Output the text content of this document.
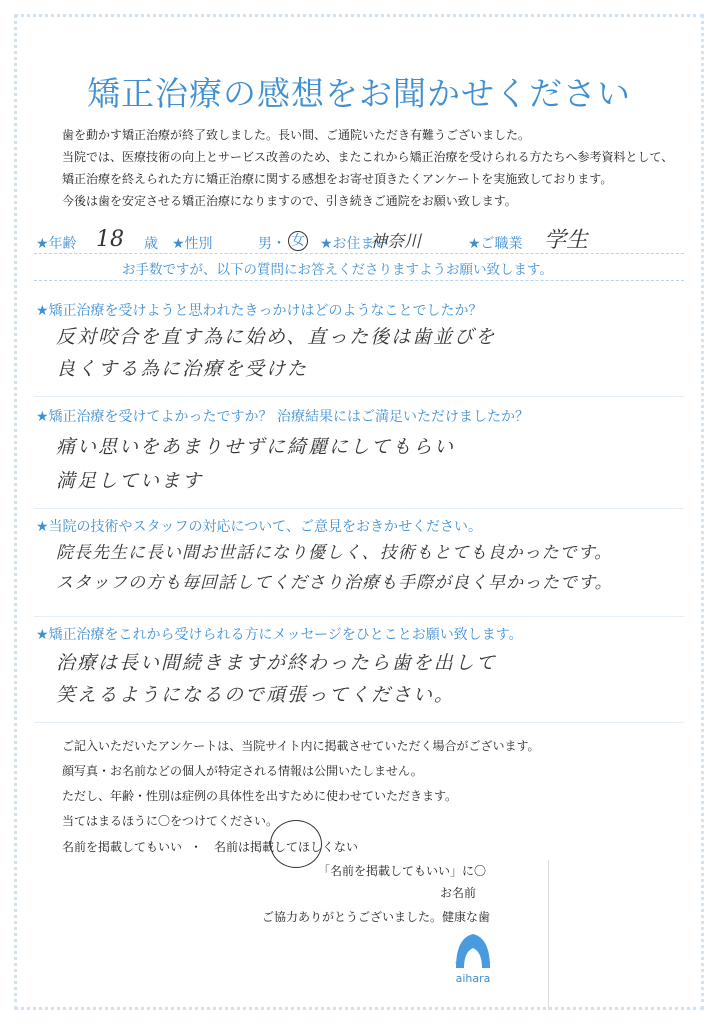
矯正治療の感想をお聞かせください
歯を動かす矯正治療が終了致しました。長い間、ご通院いただき有難うございました。
当院では、医療技術の向上とサービス改善のため、またこれから矯正治療を受けられる方たちへ参考資料として、
矯正治療を終えられた方に矯正治療に関する感想をお寄せ頂きたくアンケートを実施致しております。
今後は歯を安定させる矯正治療になりますので、引き続きご通院をお願い致します。
★年齢 18 歳 ★性別	男・ 女 ★お住まい
神奈川	★ご職業 学生
お手数ですが、以下の質問にお答えくださりますようお願い致します。
★矯正治療を受けようと思われたきっかけはどのようなことでしたか？
反対咬合を直す為に始め、直った後は歯並びを
良くする為に治療を受けた
★矯正治療を受けてよかったですか？ 治療結果にはご満足いただけましたか？
痛い思いをあまりせずに綺麗にしてもらい
満足しています
★当院の技術やスタッフの対応について、ご意見をおきかせください。
院長先生に長い間お世話になり優しく、技術もとても良かったです。
スタッフの方も毎回話してくださり治療も手際が良く早かったです。
★矯正治療をこれから受けられる方にメッセージをひとことお願い致します。
治療は長い間続きますが終わったら歯を出して
笑えるようになるので頑張ってください。
ご記入いただいたアンケートは、当院サイト内に掲載させていただく場合がございます。
顔写真・お名前などの個人が特定される情報は公開いたしません。
ただし、年齢・性別は症例の具体性を出すために使わせていただきます。
当てはまるほうに〇をつけてください。
名前を掲載してもいい ・ 名前は掲載してほしくない
「名前を掲載してもいい」に〇
お名前
ご協力ありがとうございました。健康な歯
✦ ✦
aihara
